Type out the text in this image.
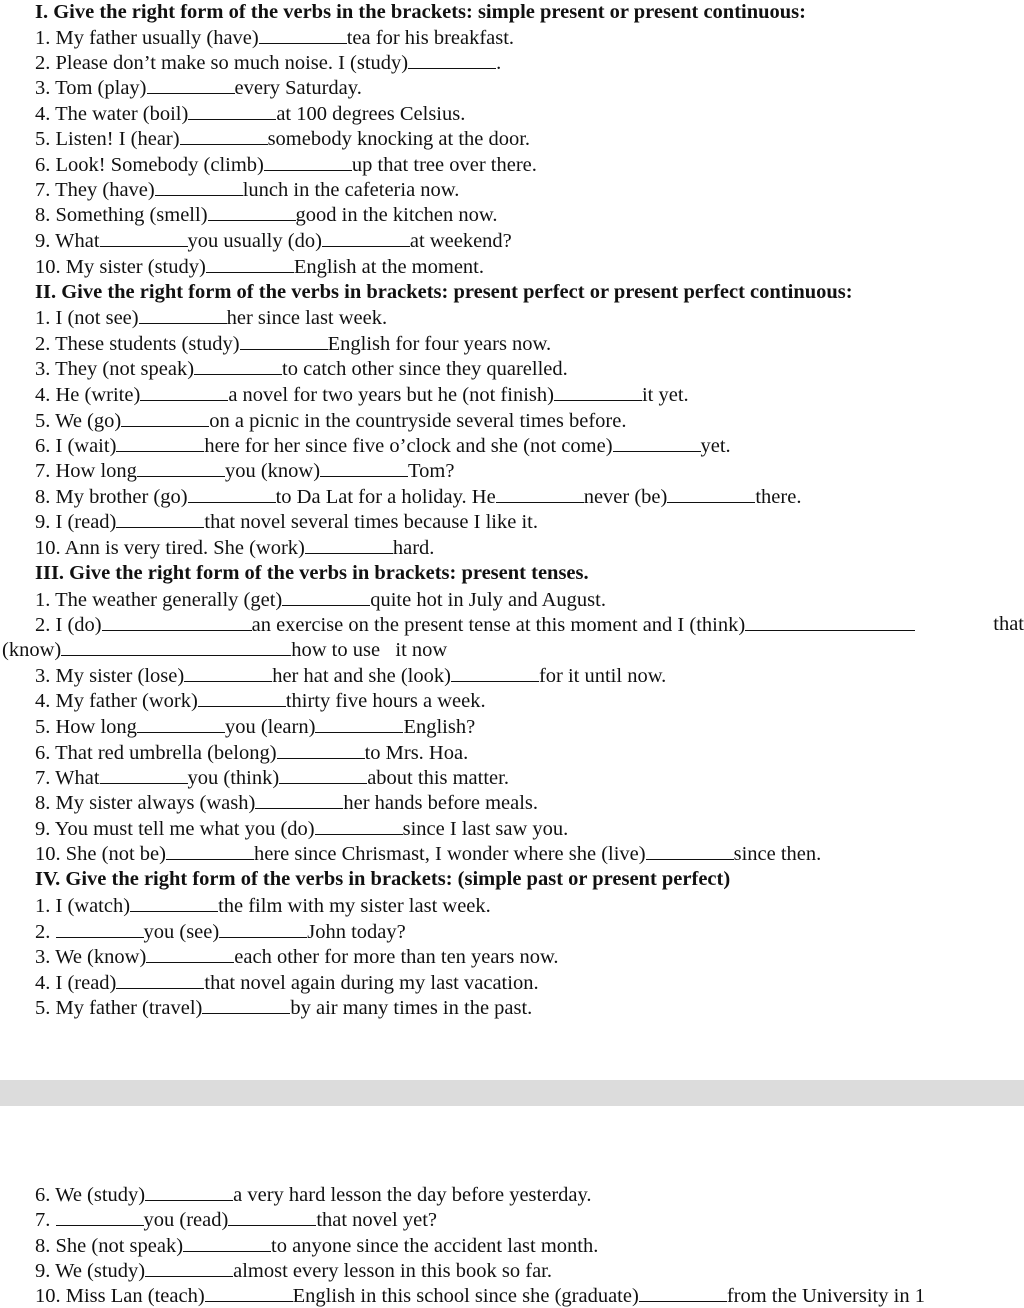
I. Give the right form of the verbs in the brackets: simple present or present continuous:
1. My father usually (have)	tea for his breakfast.
2. Please don’t make so much noise. I (study)	.
3. Tom (play)	every Saturday.
4. The water (boil)	at 100 degrees Celsius.
5. Listen! I (hear)	somebody knocking at the door.
6. Look! Somebody (climb)	up that tree over there.
7. They (have)	lunch in the cafeteria now.
8. Something (smell)	good in the kitchen now.
9. What	you usually (do)	at weekend?
10. My sister (study)	English at the moment.
II. Give the right form of the verbs in brackets: present perfect or present perfect continuous:
1. I (not see)	her since last week.
2. These students (study)	English for four years now.
3. They (not speak)	to catch other since they quarelled.
4. He (write)	a novel for two years but he (not finish)	it yet.
5. We (go)	on a picnic in the countryside several times before.
6. I (wait)	here for her since five o’clock and she (not come)	yet.
7. How long	you (know)	Tom?
8. My brother (go)	to Da Lat for a holiday. He	never (be)	there.
9. I (read)	that novel several times because I like it.
10. Ann is very tired. She (work)	hard.
III. Give the right form of the verbs in brackets: present tenses.
1. The weather generally (get)	quite hot in July and August.
2. I (do)	an exercise on the present tense at this moment and I (think)	that
(know)	how to use   it now
3. My sister (lose)	her hat and she (look)	for it until now.
4. My father (work)	thirty five hours a week.
5. How long	you (learn)	English?
6. That red umbrella (belong)	to Mrs. Hoa.
7. What	you (think)	about this matter.
8. My sister always (wash)	her hands before meals.
9. You must tell me what you (do)	since I last saw you.
10. She (not be)	here since Chrismast, I wonder where she (live)	since then.
IV. Give the right form of the verbs in brackets: (simple past or present perfect)
1. I (watch)	the film with my sister last week.
2.	you (see)	John today?
3. We (know)	each other for more than ten years now.
4. I (read)	that novel again during my last vacation.
5. My father (travel)	by air many times in the past.
6. We (study)	a very hard lesson the day before yesterday.
7.	you (read)	that novel yet?
8. She (not speak)	to anyone since the accident last month.
9. We (study)	almost every lesson in this book so far.
10. Miss Lan (teach)	English in this school since she (graduate)	from the University in 1
